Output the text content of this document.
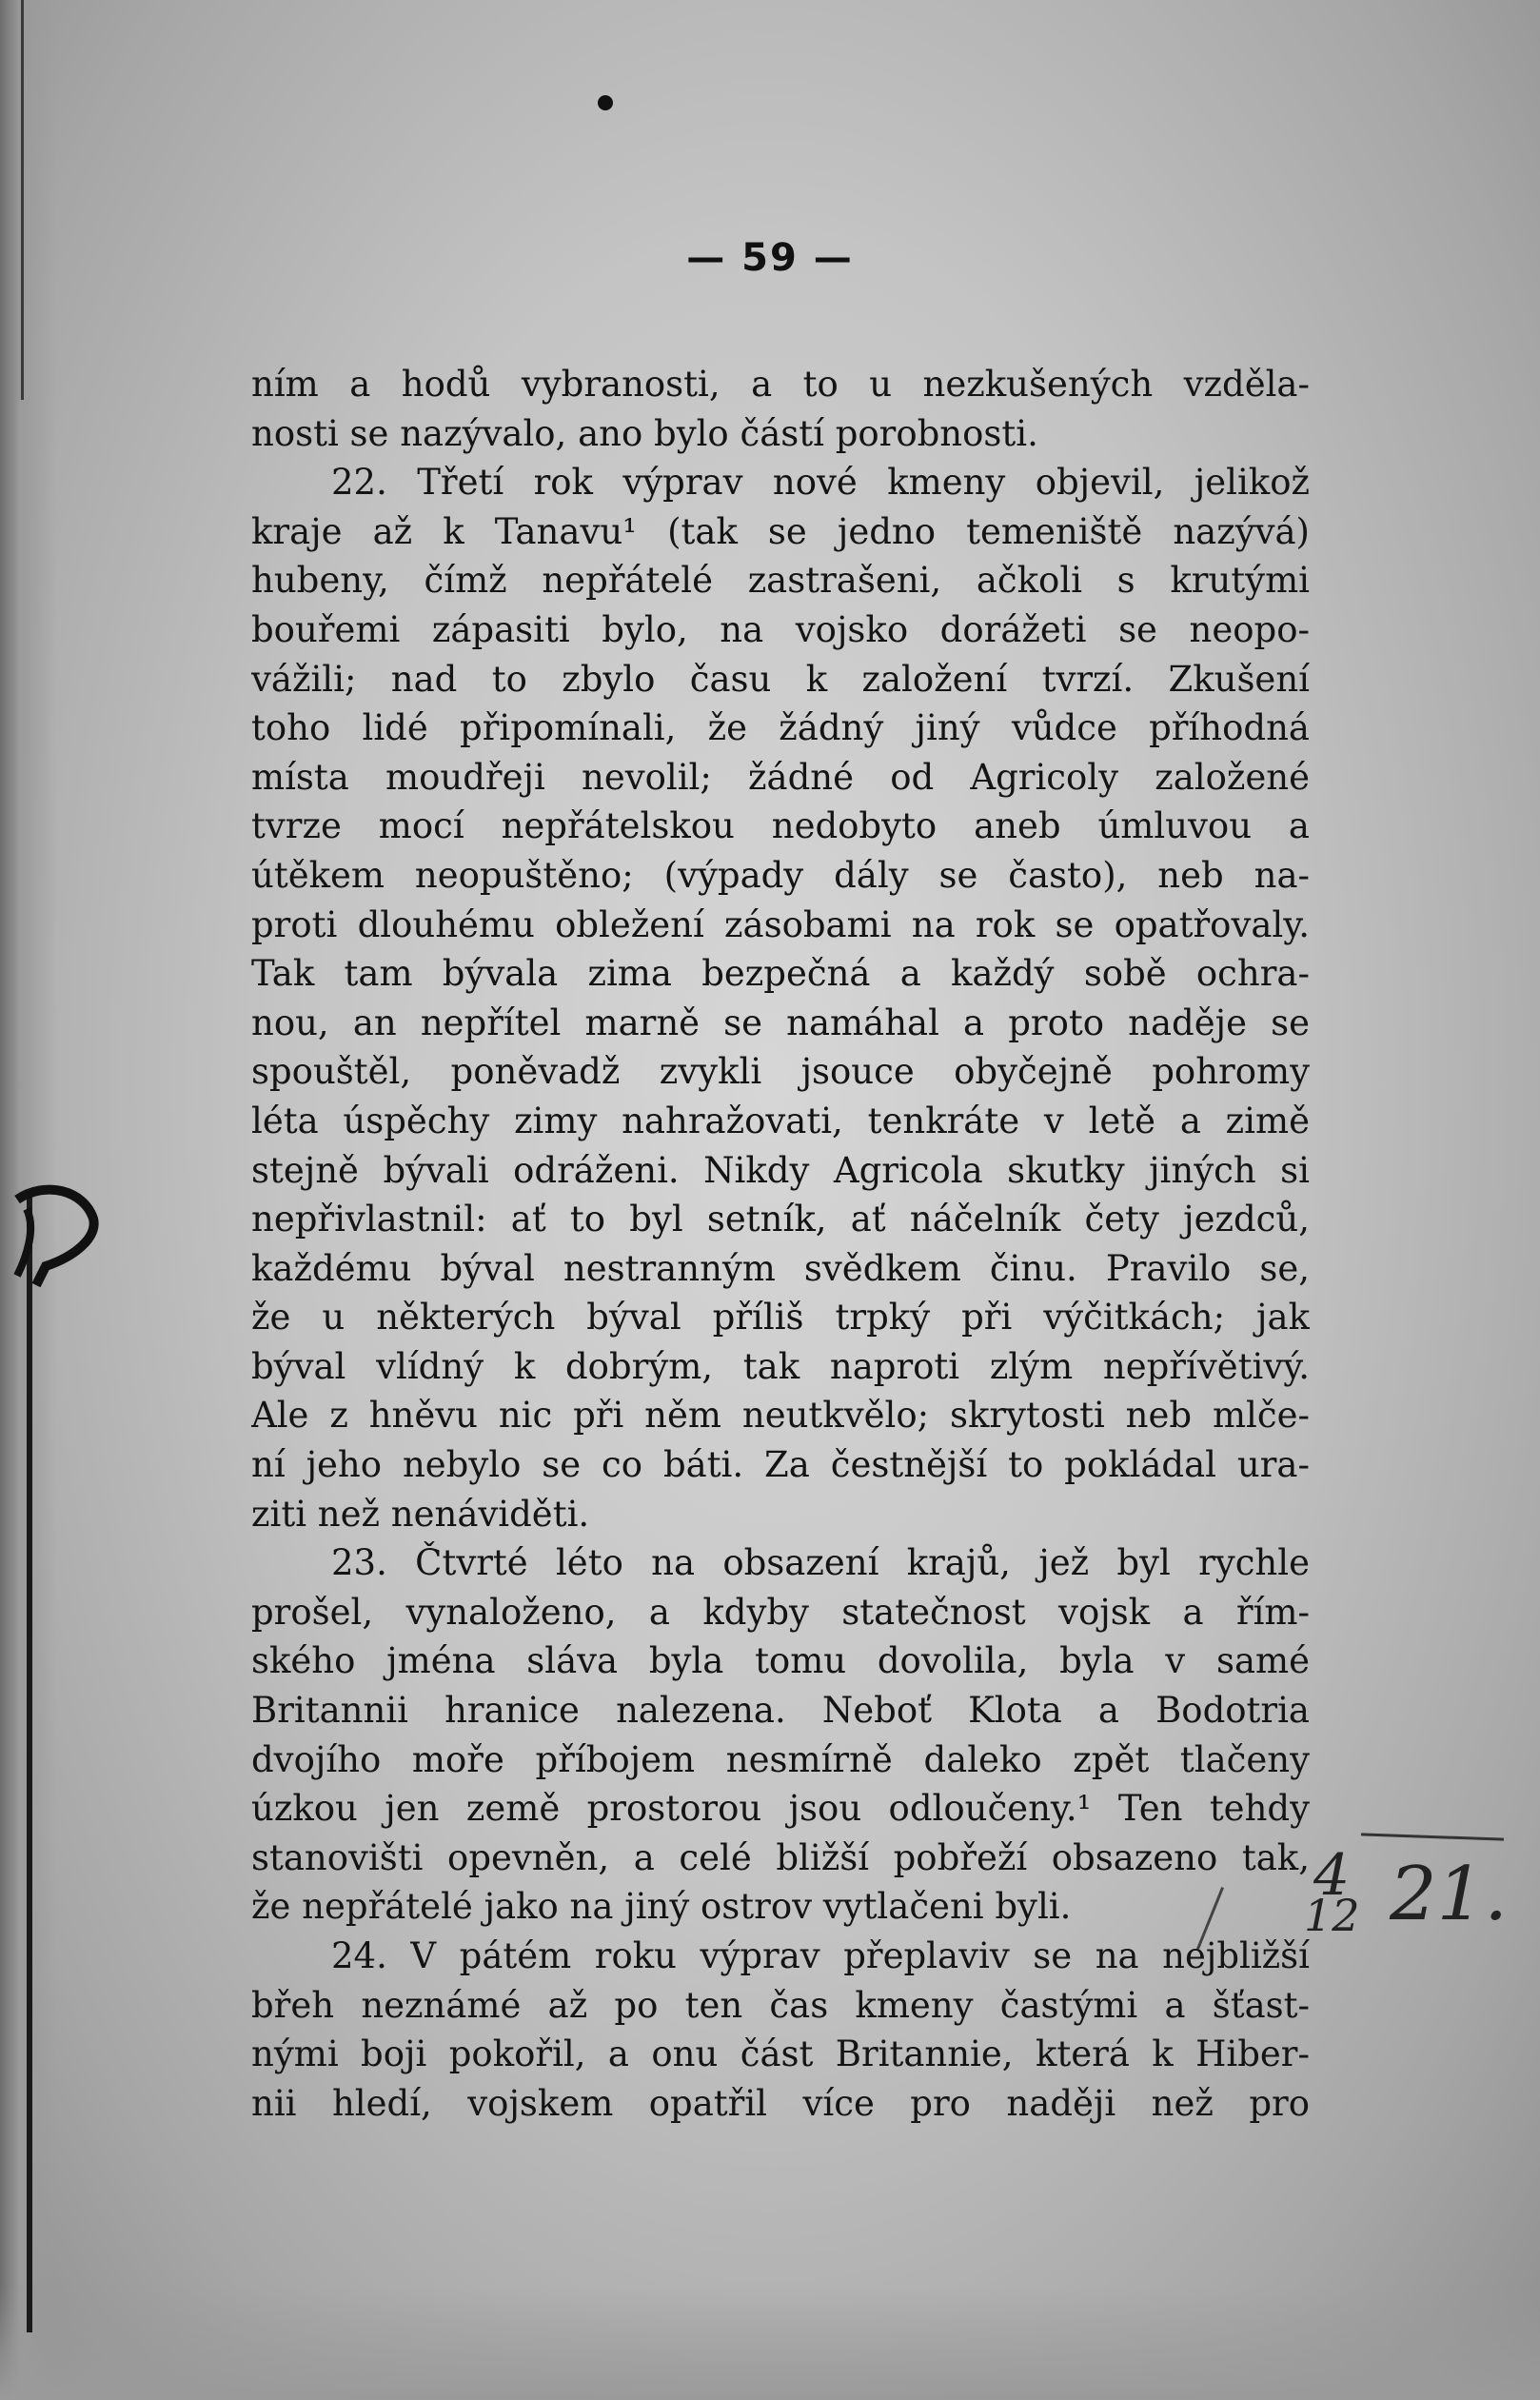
— 59 —
ním a hodů vybranosti, a to u nezkušených vzděla-
nosti se nazývalo, ano bylo částí porobnosti.
22. Třetí rok výprav nové kmeny objevil, jelikož
kraje až k Tanavu¹ (tak se jedno temeniště nazývá)
hubeny, čímž nepřátelé zastrašeni, ačkoli s krutými
bouřemi zápasiti bylo, na vojsko dorážeti se neopo-
vážili; nad to zbylo času k založení tvrzí. Zkušení
toho lidé připomínali, že žádný jiný vůdce příhodná
místa moudřeji nevolil; žádné od Agricoly založené
tvrze mocí nepřátelskou nedobyto aneb úmluvou a
útěkem neopuštěno; (výpady dály se často), neb na-
proti dlouhému obležení zásobami na rok se opatřovaly.
Tak tam bývala zima bezpečná a každý sobě ochra-
nou, an nepřítel marně se namáhal a proto naděje se
spouštěl, poněvadž zvykli jsouce obyčejně pohromy
léta úspěchy zimy nahražovati, tenkráte v letě a zimě
stejně bývali odráženi. Nikdy Agricola skutky jiných si
nepřivlastnil: ať to byl setník, ať náčelník čety jezdců,
každému býval nestranným svědkem činu. Pravilo se,
že u některých býval příliš trpký při výčitkách; jak
býval vlídný k dobrým, tak naproti zlým nepřívětivý.
Ale z hněvu nic při něm neutkvělo; skrytosti neb mlče-
ní jeho nebylo se co báti. Za čestnější to pokládal ura-
ziti než nenáviděti.
23. Čtvrté léto na obsazení krajů, jež byl rychle
prošel, vynaloženo, a kdyby statečnost vojsk a řím-
ského jména sláva byla tomu dovolila, byla v samé
Britannii hranice nalezena. Neboť Klota a Bodotria
dvojího moře příbojem nesmírně daleko zpět tlačeny
úzkou jen země prostorou jsou odloučeny.¹ Ten tehdy
stanovišti opevněn, a celé bližší pobřeží obsazeno tak,
že nepřátelé jako na jiný ostrov vytlačeni byli.
24. V pátém roku výprav přeplaviv se na nejbližší
břeh neznámé až po ten čas kmeny častými a šťast-
nými boji pokořil, a onu část Britannie, která k Hiber-
nii hledí, vojskem opatřil více pro naději než pro
4
12 21.
